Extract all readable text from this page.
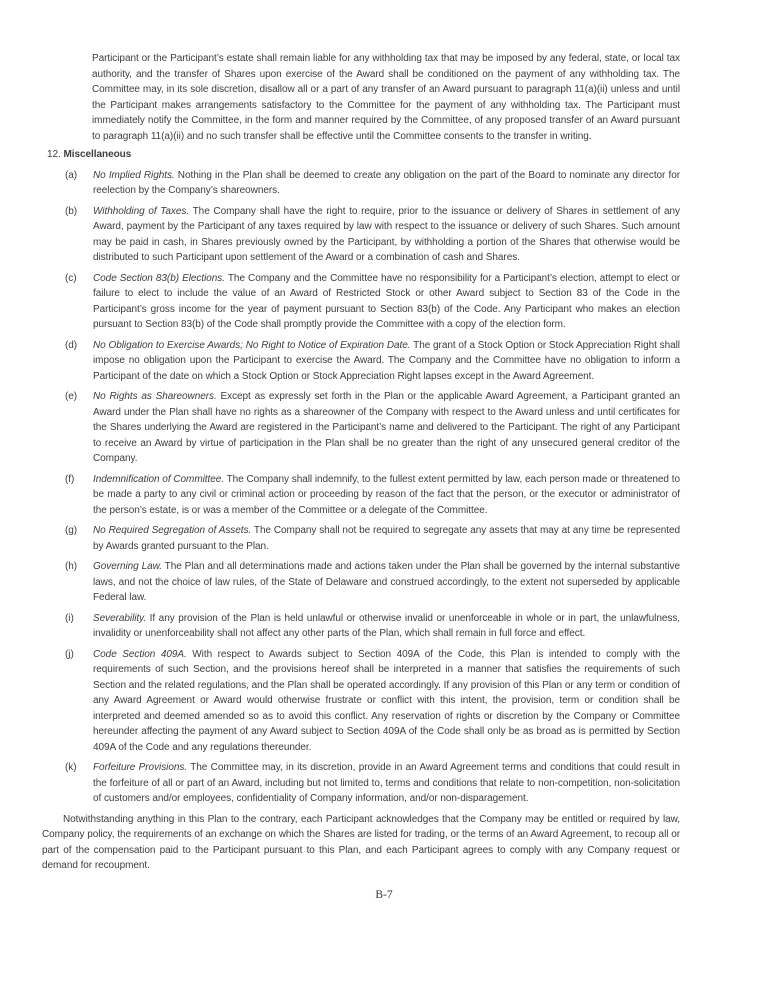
Participant or the Participant’s estate shall remain liable for any withholding tax that may be imposed by any federal, state, or local tax authority, and the transfer of Shares upon exercise of the Award shall be conditioned on the payment of any withholding tax. The Committee may, in its sole discretion, disallow all or a part of any transfer of an Award pursuant to paragraph 11(a)(ii) unless and until the Participant makes arrangements satisfactory to the Committee for the payment of any withholding tax. The Participant must immediately notify the Committee, in the form and manner required by the Committee, of any proposed transfer of an Award pursuant to paragraph 11(a)(ii) and no such transfer shall be effective until the Committee consents to the transfer in writing.

12. Miscellaneous
(a) No Implied Rights. Nothing in the Plan shall be deemed to create any obligation on the part of the Board to nominate any director for reelection by the Company’s shareowners.
(b) Withholding of Taxes. The Company shall have the right to require, prior to the issuance or delivery of Shares in settlement of any Award, payment by the Participant of any taxes required by law with respect to the issuance or delivery of such Shares. Such amount may be paid in cash, in Shares previously owned by the Participant, by withholding a portion of the Shares that otherwise would be distributed to such Participant upon settlement of the Award or a combination of cash and Shares.
(c) Code Section 83(b) Elections. The Company and the Committee have no responsibility for a Participant’s election, attempt to elect or failure to elect to include the value of an Award of Restricted Stock or other Award subject to Section 83 of the Code in the Participant’s gross income for the year of payment pursuant to Section 83(b) of the Code. Any Participant who makes an election pursuant to Section 83(b) of the Code shall promptly provide the Committee with a copy of the election form.
(d) No Obligation to Exercise Awards; No Right to Notice of Expiration Date. The grant of a Stock Option or Stock Appreciation Right shall impose no obligation upon the Participant to exercise the Award. The Company and the Committee have no obligation to inform a Participant of the date on which a Stock Option or Stock Appreciation Right lapses except in the Award Agreement.
(e) No Rights as Shareowners. Except as expressly set forth in the Plan or the applicable Award Agreement, a Participant granted an Award under the Plan shall have no rights as a shareowner of the Company with respect to the Award unless and until certificates for the Shares underlying the Award are registered in the Participant’s name and delivered to the Participant. The right of any Participant to receive an Award by virtue of participation in the Plan shall be no greater than the right of any unsecured general creditor of the Company.
(f) Indemnification of Committee. The Company shall indemnify, to the fullest extent permitted by law, each person made or threatened to be made a party to any civil or criminal action or proceeding by reason of the fact that the person, or the executor or administrator of the person’s estate, is or was a member of the Committee or a delegate of the Committee.
(g) No Required Segregation of Assets. The Company shall not be required to segregate any assets that may at any time be represented by Awards granted pursuant to the Plan.
(h) Governing Law. The Plan and all determinations made and actions taken under the Plan shall be governed by the internal substantive laws, and not the choice of law rules, of the State of Delaware and construed accordingly, to the extent not superseded by applicable Federal law.
(i) Severability. If any provision of the Plan is held unlawful or otherwise invalid or unenforceable in whole or in part, the unlawfulness, invalidity or unenforceability shall not affect any other parts of the Plan, which shall remain in full force and effect.
(j) Code Section 409A. With respect to Awards subject to Section 409A of the Code, this Plan is intended to comply with the requirements of such Section, and the provisions hereof shall be interpreted in a manner that satisfies the requirements of such Section and the related regulations, and the Plan shall be operated accordingly. If any provision of this Plan or any term or condition of any Award Agreement or Award would otherwise frustrate or conflict with this intent, the provision, term or condition shall be interpreted and deemed amended so as to avoid this conflict. Any reservation of rights or discretion by the Company or Committee hereunder affecting the payment of any Award subject to Section 409A of the Code shall only be as broad as is permitted by Section 409A of the Code and any regulations thereunder.
(k) Forfeiture Provisions. The Committee may, in its discretion, provide in an Award Agreement terms and conditions that could result in the forfeiture of all or part of an Award, including but not limited to, terms and conditions that relate to non-competition, non-solicitation of customers and/or employees, confidentiality of Company information, and/or non-disparagement.

Notwithstanding anything in this Plan to the contrary, each Participant acknowledges that the Company may be entitled or required by law, Company policy, the requirements of an exchange on which the Shares are listed for trading, or the terms of an Award Agreement, to recoup all or part of the compensation paid to the Participant pursuant to this Plan, and each Participant agrees to comply with any Company request or demand for recoupment.

B-7
